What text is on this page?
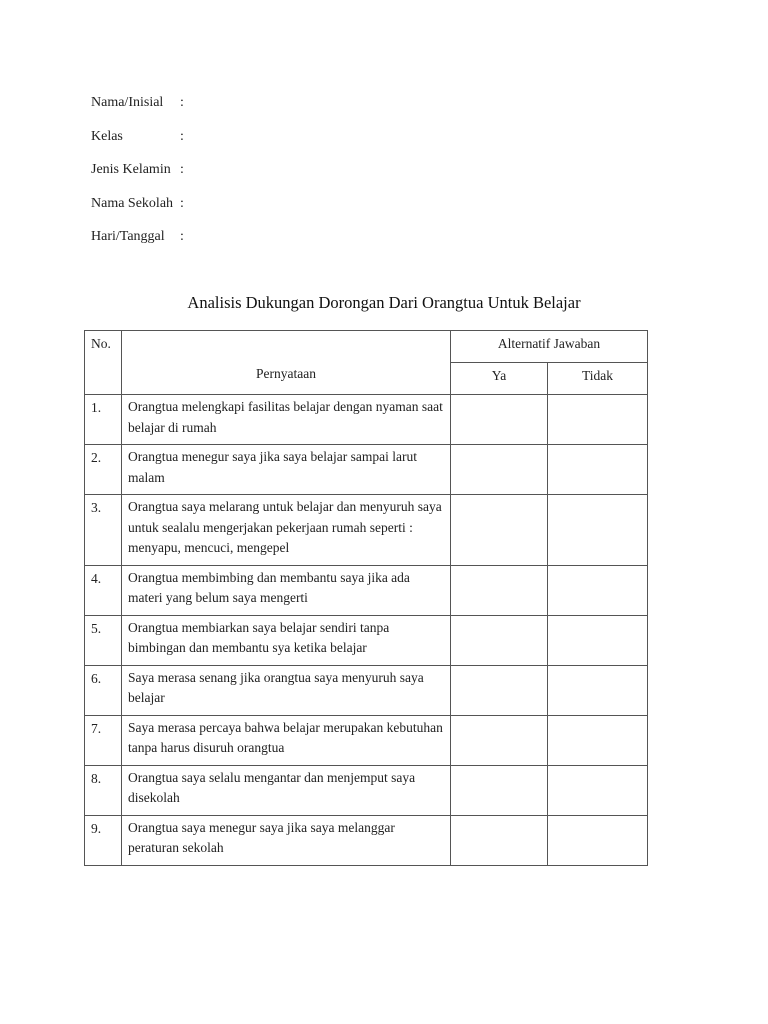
Nama/Inisial :
Kelas	:
Jenis Kelamin :
Nama Sekolah :
Hari/Tanggal :
Analisis Dukungan Dorongan Dari Orangtua Untuk Belajar
No.	Pernyataan	Alternatif Jawaban	
		Ya	Tidak
1.	Orangtua melengkapi fasilitas belajar dengan nyaman saat belajar di rumah		
2.	Orangtua menegur saya jika saya belajar sampai larut malam		
3.	Orangtua saya melarang untuk belajar dan menyuruh saya untuk sealalu mengerjakan pekerjaan rumah seperti : menyapu, mencuci, mengepel		
4.	Orangtua membimbing dan membantu saya jika ada materi yang belum saya mengerti		
5.	Orangtua membiarkan saya belajar sendiri tanpa bimbingan dan membantu sya ketika belajar		
6.	Saya merasa senang jika orangtua saya menyuruh saya belajar		
7.	Saya merasa percaya bahwa belajar merupakan kebutuhan tanpa harus disuruh orangtua		
8.	Orangtua saya selalu mengantar dan menjemput saya disekolah		
9.	Orangtua saya menegur saya jika saya melanggar peraturan sekolah		
